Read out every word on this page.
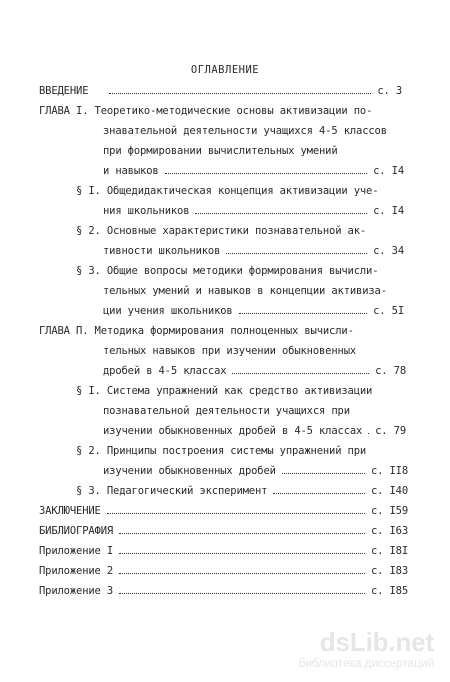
ОГЛАВЛЕНИЕ
ВВЕДЕНИЕ	с. 3
ГЛАВА I. Теоретико-методические основы активизации по-
знавательной деятельности учащихся 4-5 классов
при формировании вычислительных умений
и навыков	с. I4
§ I. Общедидактическая концепция активизации уче-
ния школьников	с. I4
§ 2. Основные характеристики познавательной ак-
тивности школьников	с. 34
§ 3. Общие вопросы методики формирования вычисли-
тельных умений и навыков в концепции активиза-
ции учения школьников	с. 5I
ГЛАВА П. Методика формирования полноценных вычисли-
тельных навыков при изучении обыкновенных
дробей в 4-5 классах	с. 78
§ I. Система упражнений как средство активизации
познавательной деятельности учащихся при
изучении обыкновенных дробей в 4-5 классах с. 79
§ 2. Принципы построения системы упражнений при
изучении обыкновенных дробей	с. II8
§ 3. Педагогический эксперимент	с. I40
ЗАКЛЮЧЕНИЕ	с. I59
БИБЛИОГРАФИЯ	с. I63
Приложение I	с. I8I
Приложение 2	с. I83
Приложение 3	с. I85
dsLib.net
библиотека диссертаций
